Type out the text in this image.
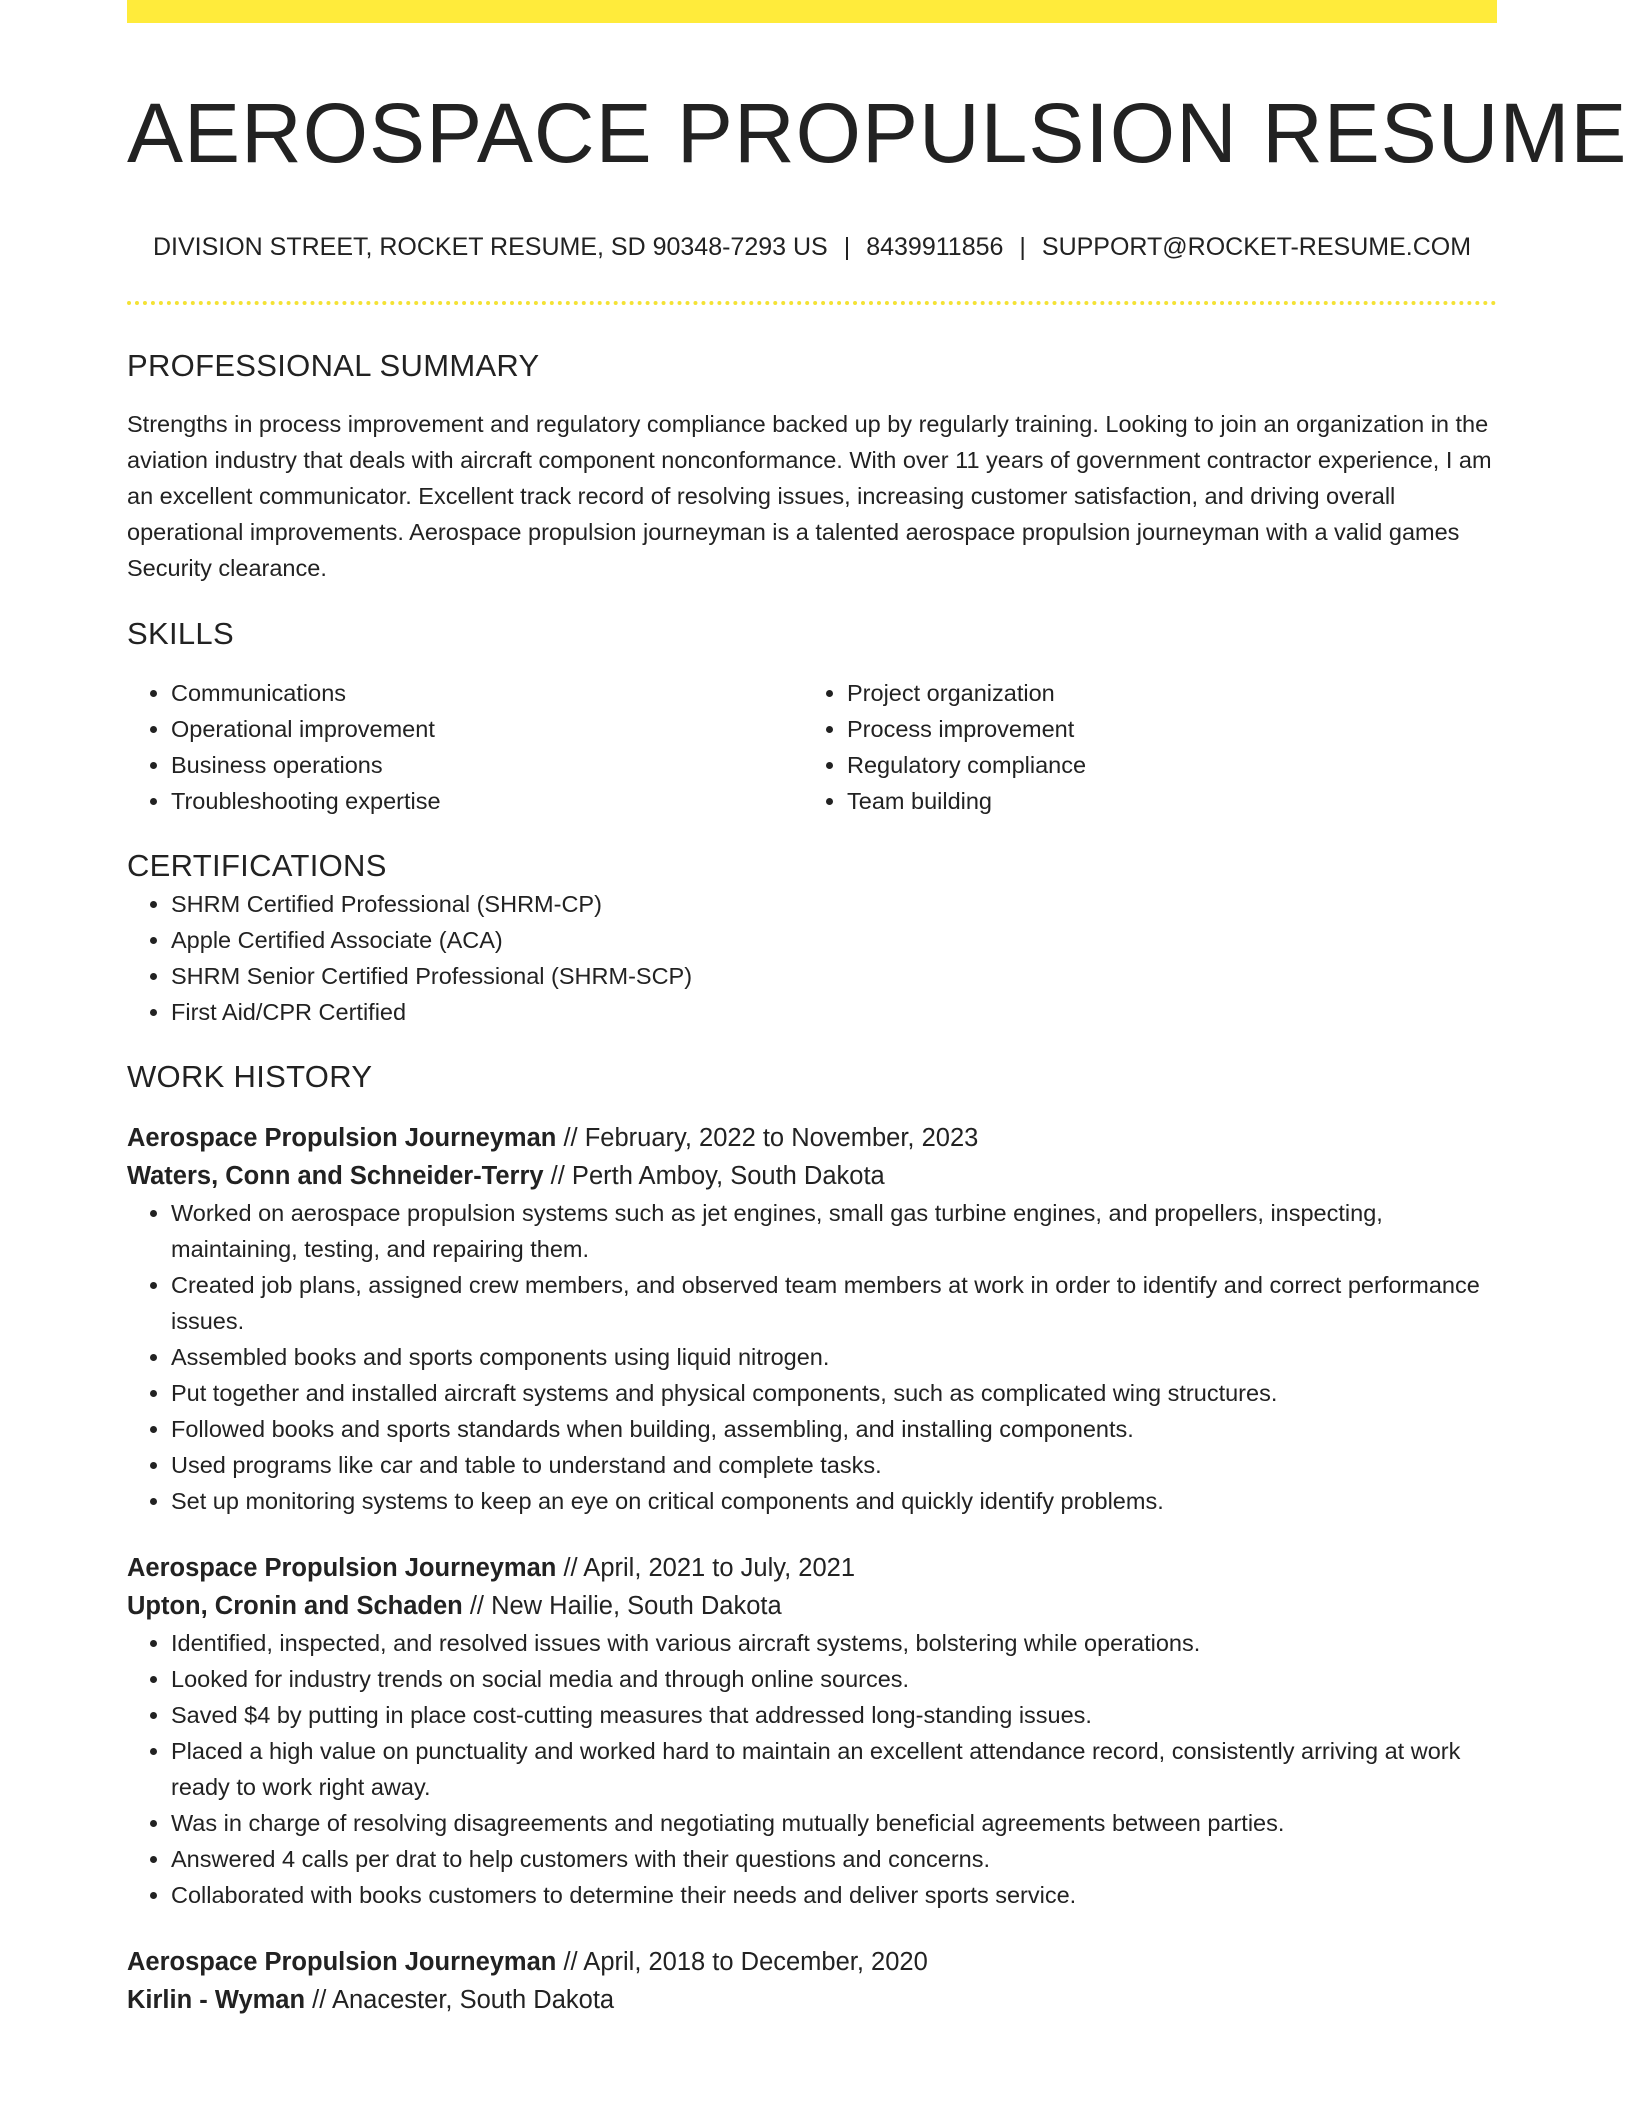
AEROSPACE PROPULSION RESUME
DIVISION STREET, ROCKET RESUME, SD 90348-7293 US | 8439911856 | SUPPORT@ROCKET-RESUME.COM
PROFESSIONAL SUMMARY
Strengths in process improvement and regulatory compliance backed up by regularly training. Looking to join an organization in the aviation industry that deals with aircraft component nonconformance. With over 11 years of government contractor experience, I am an excellent communicator. Excellent track record of resolving issues, increasing customer satisfaction, and driving overall operational improvements. Aerospace propulsion journeyman is a talented aerospace propulsion journeyman with a valid games Security clearance.
SKILLS
• Communications
• Operational improvement
• Business operations
• Troubleshooting expertise
• Project organization
• Process improvement
• Regulatory compliance
• Team building
CERTIFICATIONS
• SHRM Certified Professional (SHRM-CP)
• Apple Certified Associate (ACA)
• SHRM Senior Certified Professional (SHRM-SCP)
• First Aid/CPR Certified
WORK HISTORY
Aerospace Propulsion Journeyman // February, 2022 to November, 2023
Waters, Conn and Schneider-Terry // Perth Amboy, South Dakota
• Worked on aerospace propulsion systems such as jet engines, small gas turbine engines, and propellers, inspecting, maintaining, testing, and repairing them.
• Created job plans, assigned crew members, and observed team members at work in order to identify and correct performance issues.
• Assembled books and sports components using liquid nitrogen.
• Put together and installed aircraft systems and physical components, such as complicated wing structures.
• Followed books and sports standards when building, assembling, and installing components.
• Used programs like car and table to understand and complete tasks.
• Set up monitoring systems to keep an eye on critical components and quickly identify problems.
Aerospace Propulsion Journeyman // April, 2021 to July, 2021
Upton, Cronin and Schaden // New Hailie, South Dakota
• Identified, inspected, and resolved issues with various aircraft systems, bolstering while operations.
• Looked for industry trends on social media and through online sources.
• Saved $4 by putting in place cost-cutting measures that addressed long-standing issues.
• Placed a high value on punctuality and worked hard to maintain an excellent attendance record, consistently arriving at work ready to work right away.
• Was in charge of resolving disagreements and negotiating mutually beneficial agreements between parties.
• Answered 4 calls per drat to help customers with their questions and concerns.
• Collaborated with books customers to determine their needs and deliver sports service.
Aerospace Propulsion Journeyman // April, 2018 to December, 2020
Kirlin - Wyman // Anacester, South Dakota
